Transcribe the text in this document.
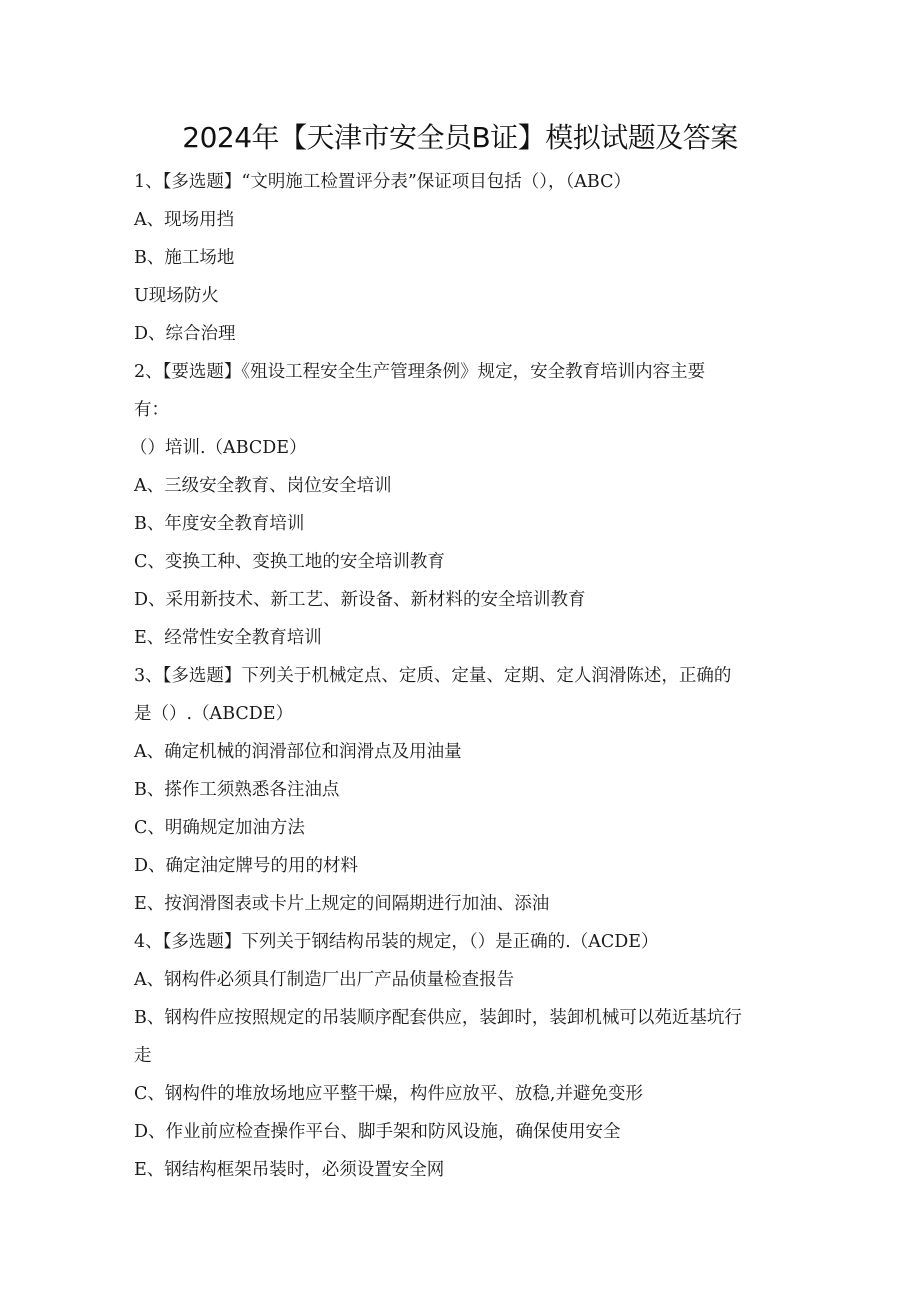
2024年【天津市安全员B证】模拟试题及答案
1、【多选题】“文明施工检置评分表”保证项目包括（），（ABC）
A、现场用挡
B、施工场地
U现场防火
D、综合治理
2、【要选题】《殂设工程安全生产管理条例》规定，安全教育培训内容主要
有：
（）培训.（ABCDE）
A、三级安全教育、岗位安全培训
B、年度安全教育培训
C、变换工种、变换工地的安全培训教育
D、采用新技术、新工艺、新设备、新材料的安全培训教育
E、经常性安全教育培训
3、【多选题】下列关于机械定点、定质、定量、定期、定人润滑陈述，正确的
是（）.（ABCDE）
A、确定机械的润滑部位和润滑点及用油量
B、搽作工须熟悉各注油点
C、明确规定加油方法
D、确定油定牌号的用的材料
E、按润滑图表或卡片上规定的间隔期进行加油、添油
4、【多选题】下列关于钢结构吊装的规定，（）是正确的.（ACDE）
A、钢构件必须具仃制造厂出厂产品侦量检查报告
B、钢构件应按照规定的吊装顺序配套供应，装卸时，装卸机械可以苑近基坑行
走
C、钢构件的堆放场地应平整干燥，构件应放平、放稳,并避免变形
D、作业前应检查操作平台、脚手架和防风设施，确保使用安全
E、钢结构框架吊装时，必须设置安全网
